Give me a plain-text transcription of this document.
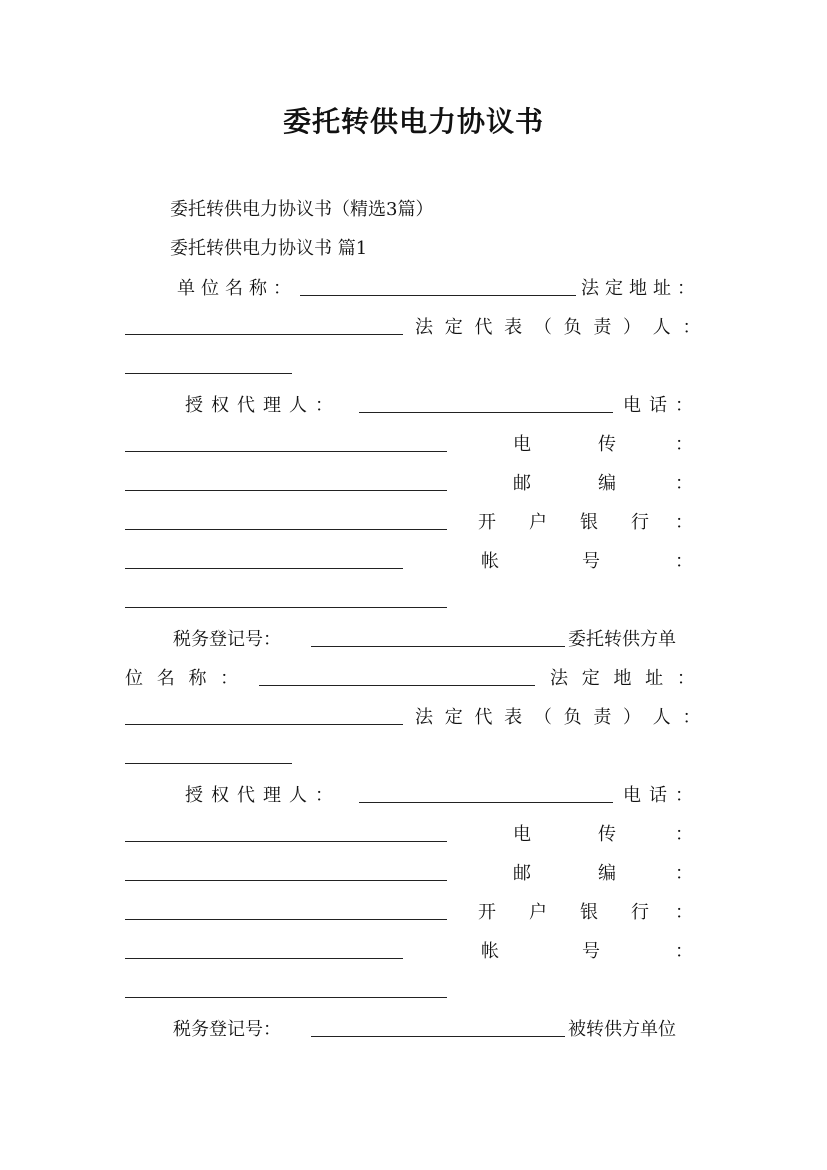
委托转供电力协议书
委托转供电力协议书（精选3篇）
委托转供电力协议书 篇1
单位名称：	法定地址：
法 定 代 表 （ 负 责 ） 人 ：
授权代理人：	电话：
电	传	：
邮	编	：
开 户 银 行 ：
帐	号	：
税务登记号：	委托转供方单
位 名 称 ：	法 定 地 址 ：
法 定 代 表 （ 负 责 ） 人 ：
授权代理人：	电话：
电	传	：
邮	编	：
开 户 银 行 ：
帐	号	：
税务登记号：	被转供方单位
